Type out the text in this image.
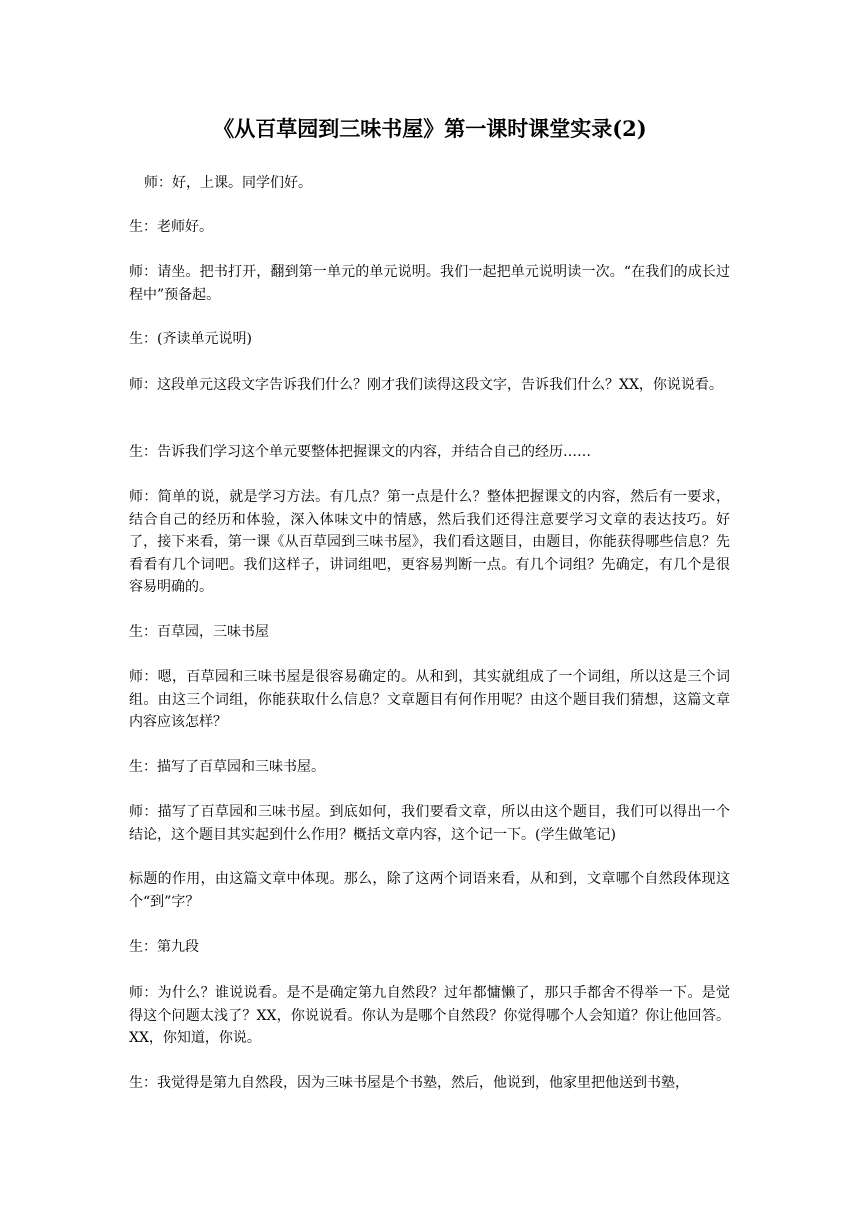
《从百草园到三味书屋》第一课时课堂实录(2)
师：好，上课。同学们好。
生：老师好。
师：请坐。把书打开，翻到第一单元的单元说明。我们一起把单元说明读一次。“在我们的成长过程中”预备起。
生：(齐读单元说明)
师：这段单元这段文字告诉我们什么？刚才我们读得这段文字，告诉我们什么？XX，你说说看。
生：告诉我们学习这个单元要整体把握课文的内容，并结合自己的经历……
师：简单的说，就是学习方法。有几点？第一点是什么？整体把握课文的内容，然后有一要求，结合自己的经历和体验，深入体味文中的情感，然后我们还得注意要学习文章的表达技巧。好了，接下来看，第一课《从百草园到三味书屋》，我们看这题目，由题目，你能获得哪些信息？先看看有几个词吧。我们这样子，讲词组吧，更容易判断一点。有几个词组？先确定，有几个是很容易明确的。
生：百草园，三味书屋
师：嗯，百草园和三味书屋是很容易确定的。从和到，其实就组成了一个词组，所以这是三个词组。由这三个词组，你能获取什么信息？文章题目有何作用呢？由这个题目我们猜想，这篇文章内容应该怎样？
生：描写了百草园和三味书屋。
师：描写了百草园和三味书屋。到底如何，我们要看文章，所以由这个题目，我们可以得出一个结论，这个题目其实起到什么作用？概括文章内容，这个记一下。(学生做笔记)
标题的作用，由这篇文章中体现。那么，除了这两个词语来看，从和到，文章哪个自然段体现这个“到”字？
生：第九段
师：为什么？谁说说看。是不是确定第九自然段？过年都慵懒了，那只手都舍不得举一下。是觉得这个问题太浅了？XX，你说说看。你认为是哪个自然段？你觉得哪个人会知道？你让他回答。XX，你知道，你说。
生：我觉得是第九自然段，因为三味书屋是个书塾，然后，他说到，他家里把他送到书塾，
